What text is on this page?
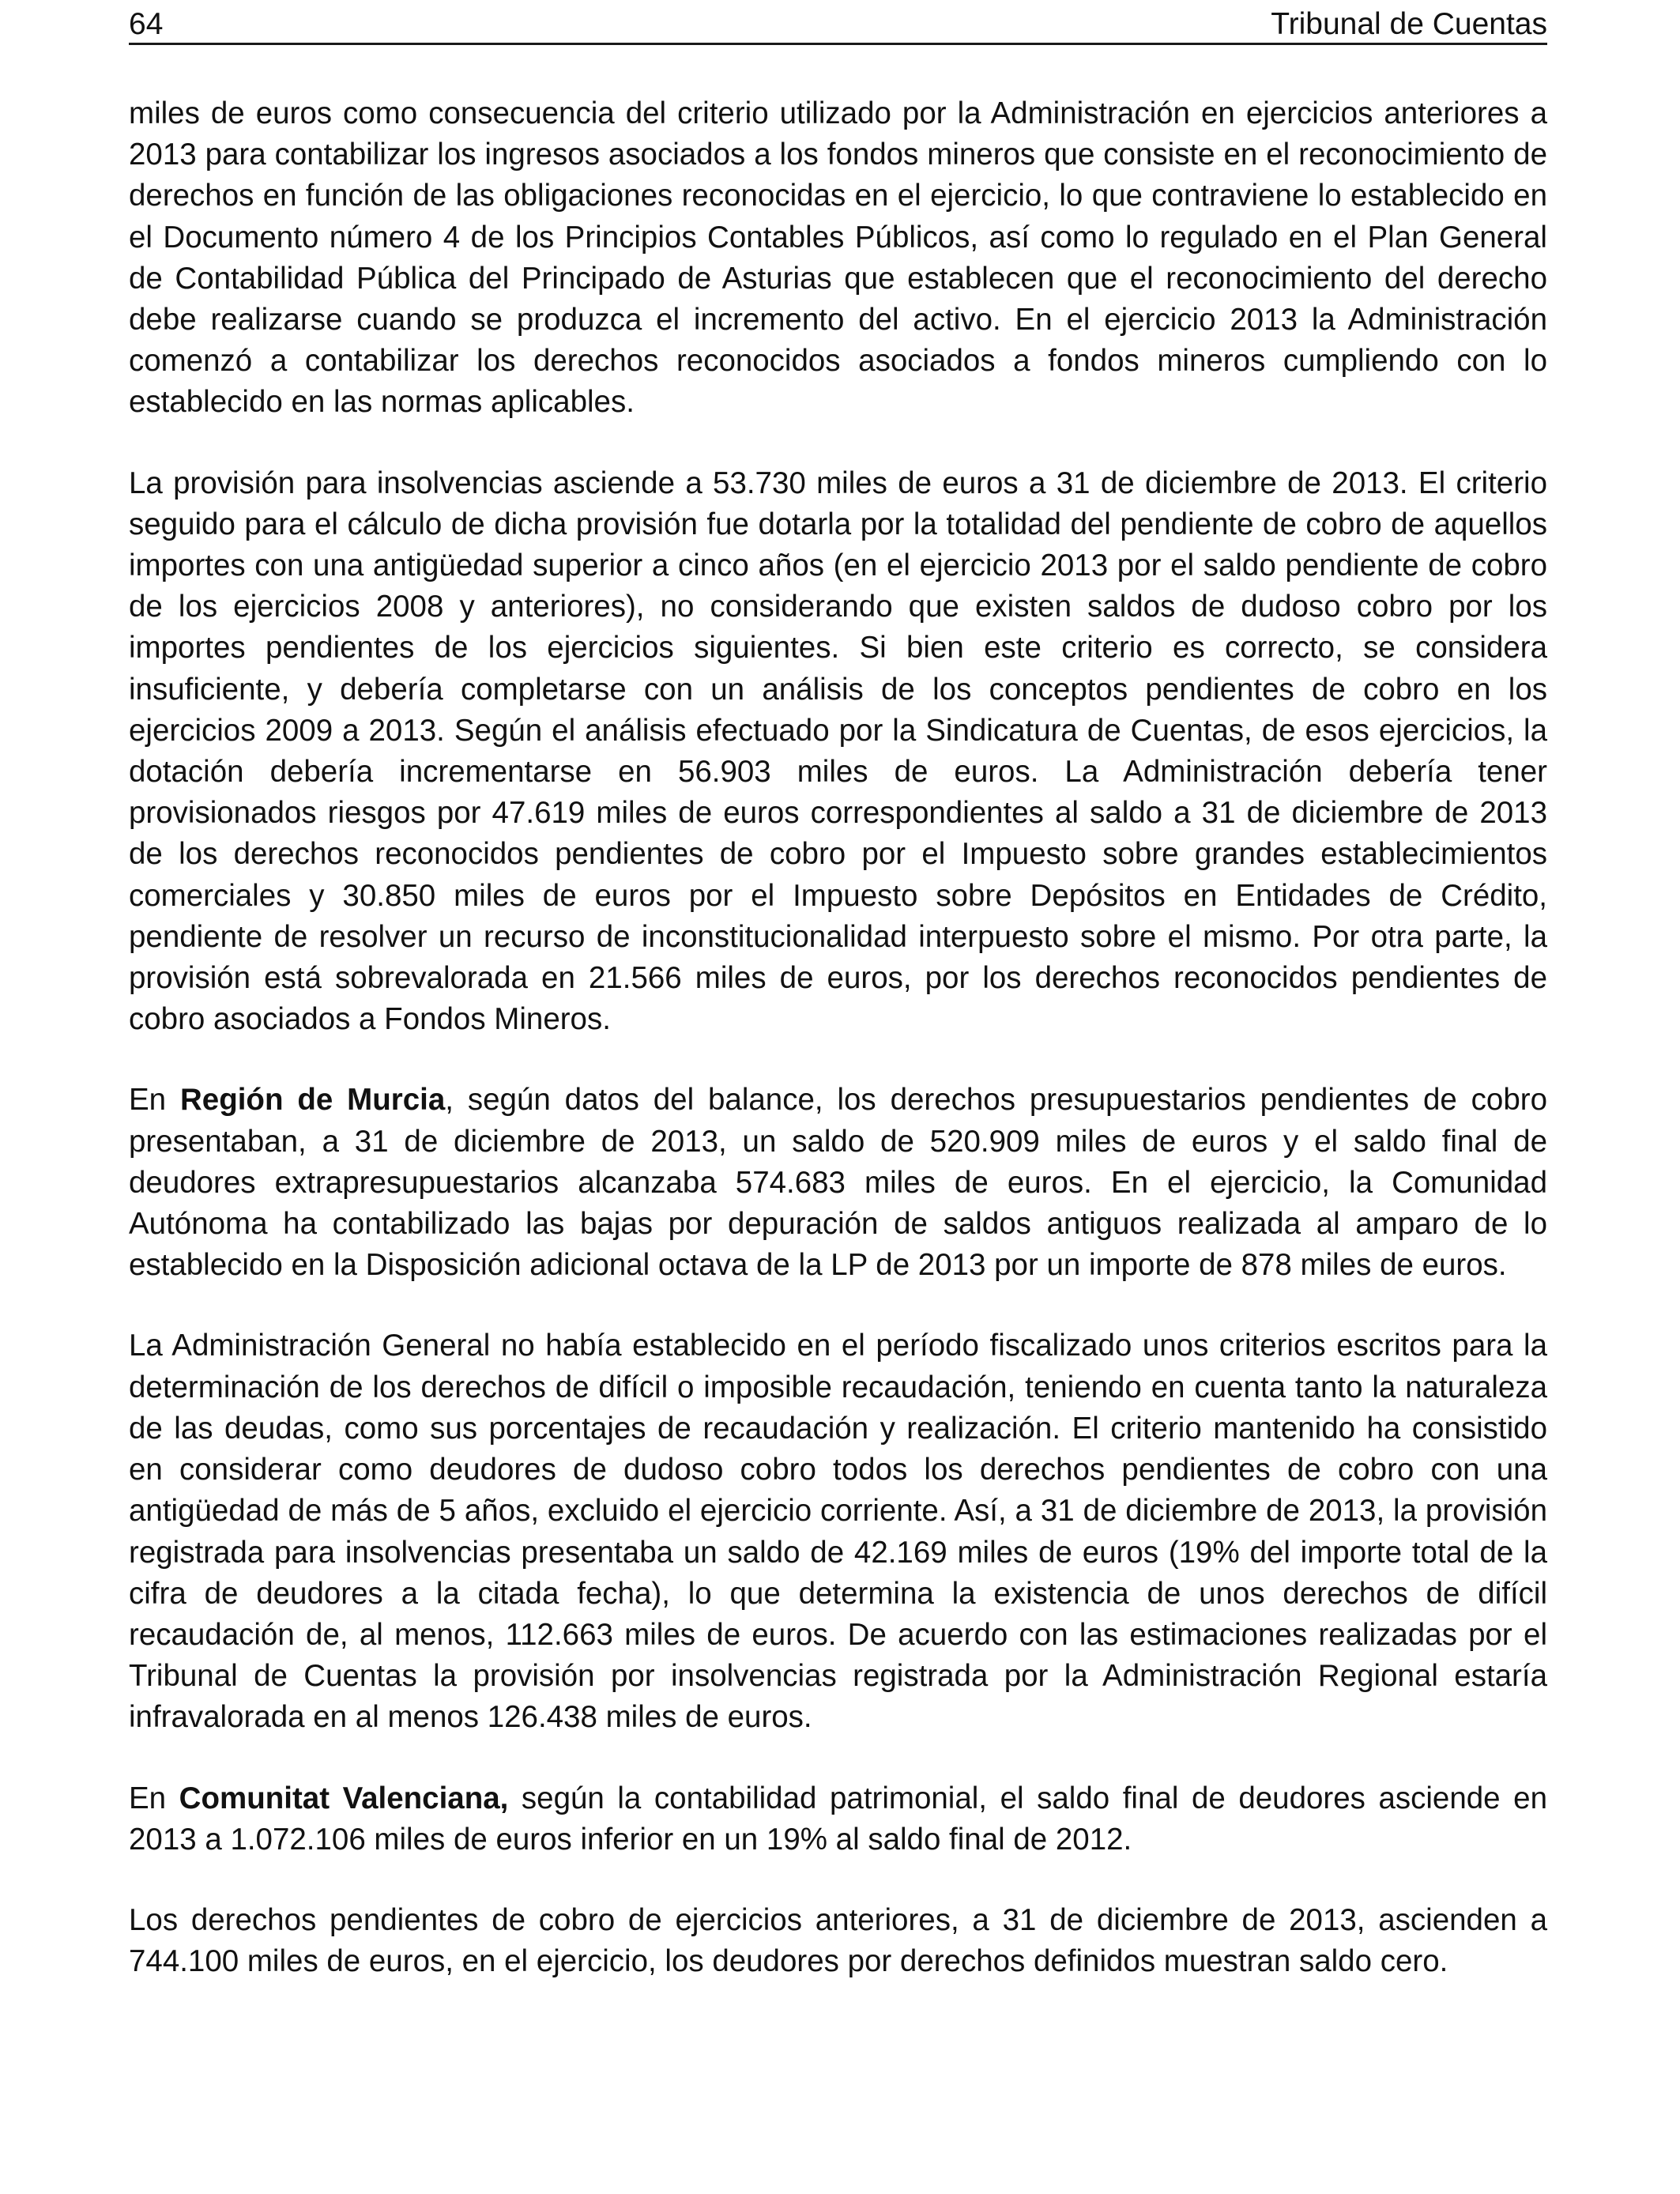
64	Tribunal de Cuentas

miles de euros como consecuencia del criterio utilizado por la Administración en ejercicios anteriores a 2013 para contabilizar los ingresos asociados a los fondos mineros que consiste en el reconocimiento de derechos en función de las obligaciones reconocidas en el ejercicio, lo que contraviene lo establecido en el Documento número 4 de los Principios Contables Públicos, así como lo regulado en el Plan General de Contabilidad Pública del Principado de Asturias que establecen que el reconocimiento del derecho debe realizarse cuando se produzca el incremento del activo. En el ejercicio 2013 la Administración comenzó a contabilizar los derechos reconocidos asociados a fondos mineros cumpliendo con lo establecido en las normas aplicables.

La provisión para insolvencias asciende a 53.730 miles de euros a 31 de diciembre de 2013. El criterio seguido para el cálculo de dicha provisión fue dotarla por la totalidad del pendiente de cobro de aquellos importes con una antigüedad superior a cinco años (en el ejercicio 2013 por el saldo pendiente de cobro de los ejercicios 2008 y anteriores), no considerando que existen saldos de dudoso cobro por los importes pendientes de los ejercicios siguientes. Si bien este criterio es correcto, se considera insuficiente, y debería completarse con un análisis de los conceptos pendientes de cobro en los ejercicios 2009 a 2013. Según el análisis efectuado por la Sindicatura de Cuentas, de esos ejercicios, la dotación debería incrementarse en 56.903 miles de euros. La Administración debería tener provisionados riesgos por 47.619 miles de euros correspondientes al saldo a 31 de diciembre de 2013 de los derechos reconocidos pendientes de cobro por el Impuesto sobre grandes establecimientos comerciales y 30.850 miles de euros por el Impuesto sobre Depósitos en Entidades de Crédito, pendiente de resolver un recurso de inconstitucionalidad interpuesto sobre el mismo. Por otra parte, la provisión está sobrevalorada en 21.566 miles de euros, por los derechos reconocidos pendientes de cobro asociados a Fondos Mineros.

En Región de Murcia, según datos del balance, los derechos presupuestarios pendientes de cobro presentaban, a 31 de diciembre de 2013, un saldo de 520.909 miles de euros y el saldo final de deudores extrapresupuestarios alcanzaba 574.683 miles de euros. En el ejercicio, la Comunidad Autónoma ha contabilizado las bajas por depuración de saldos antiguos realizada al amparo de lo establecido en la Disposición adicional octava de la LP de 2013 por un importe de 878 miles de euros.

La Administración General no había establecido en el período fiscalizado unos criterios escritos para la determinación de los derechos de difícil o imposible recaudación, teniendo en cuenta tanto la naturaleza de las deudas, como sus porcentajes de recaudación y realización. El criterio mantenido ha consistido en considerar como deudores de dudoso cobro todos los derechos pendientes de cobro con una antigüedad de más de 5 años, excluido el ejercicio corriente. Así, a 31 de diciembre de 2013, la provisión registrada para insolvencias presentaba un saldo de 42.169 miles de euros (19% del importe total de la cifra de deudores a la citada fecha), lo que determina la existencia de unos derechos de difícil recaudación de, al menos, 112.663 miles de euros. De acuerdo con las estimaciones realizadas por el Tribunal de Cuentas la provisión por insolvencias registrada por la Administración Regional estaría infravalorada en al menos 126.438 miles de euros.

En Comunitat Valenciana, según la contabilidad patrimonial, el saldo final de deudores asciende en 2013 a 1.072.106 miles de euros inferior en un 19% al saldo final de 2012.

Los derechos pendientes de cobro de ejercicios anteriores, a 31 de diciembre de 2013, ascienden a 744.100 miles de euros, en el ejercicio, los deudores por derechos definidos muestran saldo cero.
